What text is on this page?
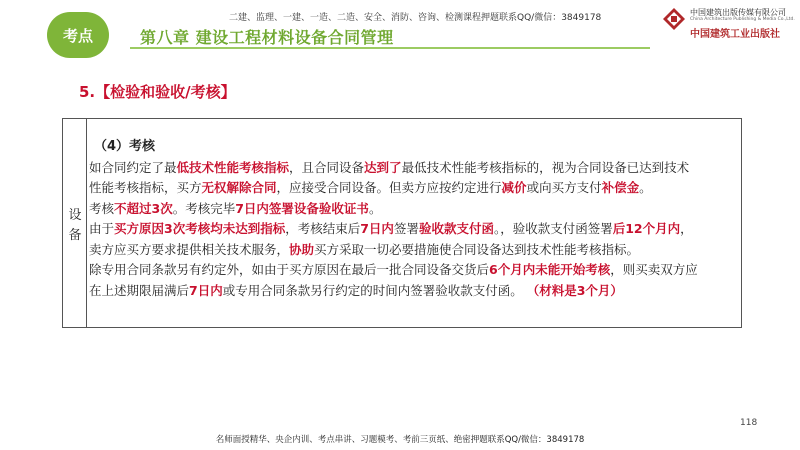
考点
二建、监理、一建、一造、二造、安全、消防、咨询、检测课程押题联系QQ/微信：3849178
第八章 建设工程材料设备合同管理
中国建筑出版传媒有限公司
China Architecture Publishing & Media Co.,Ltd.
中国建筑工业出版社
5.【检验和验收/考核】
设
备
（4）考核
如合同约定了最低技术性能考核指标，且合同设备达到了最低技术性能考核指标的，视为合同设备已达到技术
性能考核指标，买方无权解除合同，应接受合同设备。但卖方应按约定进行减价或向买方支付补偿金。
考核不超过3次。考核完毕7日内签署设备验收证书。
由于买方原因3次考核均未达到指标，考核结束后7日内签署验收款支付函。，验收款支付函签署后12个月内，
卖方应买方要求提供相关技术服务，协助买方采取一切必要措施使合同设备达到技术性能考核指标。
除专用合同条款另有约定外，如由于买方原因在最后一批合同设备交货后6个月内未能开始考核，则买卖双方应
在上述期限届满后7日内或专用合同条款另行约定的时间内签署验收款支付函。 （材料是3个月）
118
名师面授精华、央企内训、考点串讲、习题模考、考前三页纸、绝密押题联系QQ/微信：3849178
